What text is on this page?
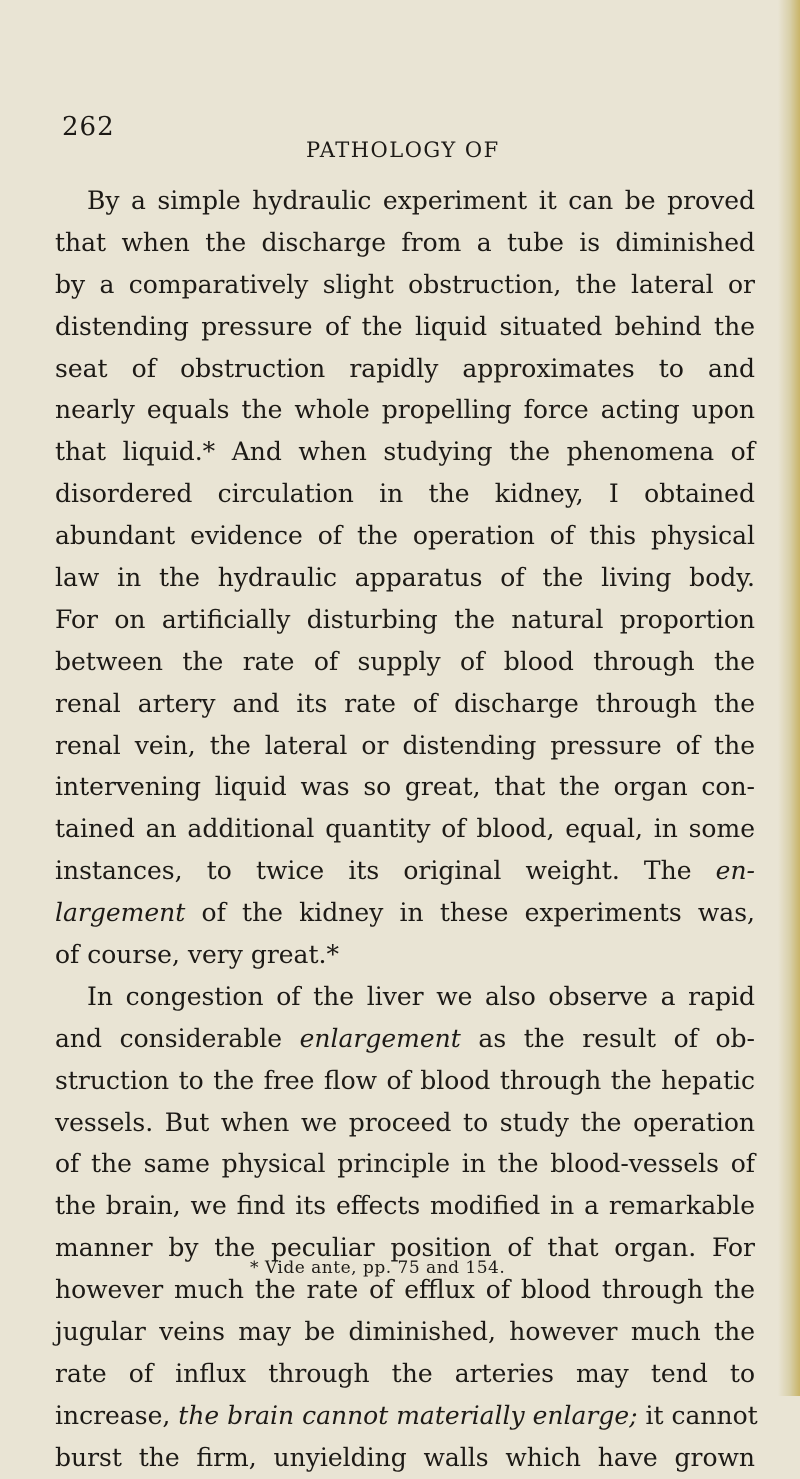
262
PATHOLOGY OF
By a simple hydraulic experiment it can be proved
that when the discharge from a tube is diminished
by a comparatively slight obstruction, the lateral or
distending pressure of the liquid situated behind the
seat of obstruction rapidly approximates to and
nearly equals the whole propelling force acting upon
that liquid.* And when studying the phenomena of
disordered circulation in the kidney, I obtained
abundant evidence of the operation of this physical
law in the hydraulic apparatus of the living body.
For on artificially disturbing the natural proportion
between the rate of supply of blood through the
renal artery and its rate of discharge through the
renal vein, the lateral or distending pressure of the
intervening liquid was so great, that the organ con-
tained an additional quantity of blood, equal, in some
instances, to twice its original weight. The en-
largement of the kidney in these experiments was,
of course, very great.*
In congestion of the liver we also observe a rapid
and considerable enlargement as the result of ob-
struction to the free flow of blood through the hepatic
vessels. But when we proceed to study the operation
of the same physical principle in the blood-vessels of
the brain, we find its effects modified in a remarkable
manner by the peculiar position of that organ. For
however much the rate of efflux of blood through the
jugular veins may be diminished, however much the
rate of influx through the arteries may tend to
increase, the brain cannot materially enlarge; it cannot
burst the firm, unyielding walls which have grown
* Vide ante, pp. 75 and 154.
